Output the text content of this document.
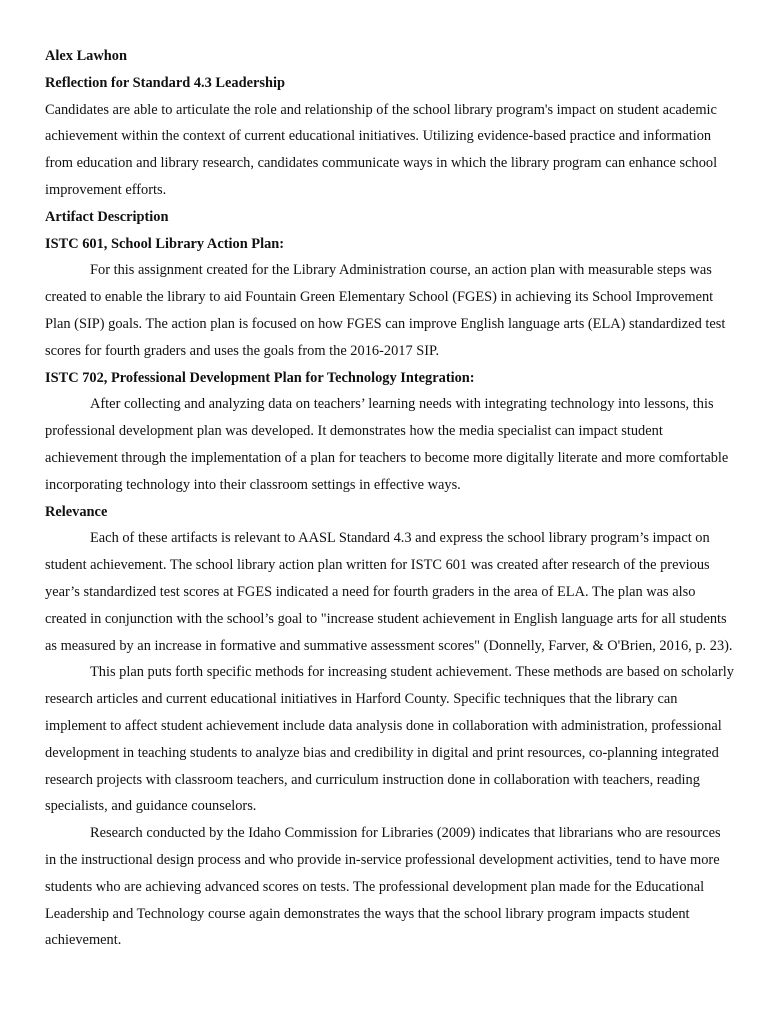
Alex Lawhon

Reflection for Standard 4.3 Leadership

Candidates are able to articulate the role and relationship of the school library program's impact on student academic achievement within the context of current educational initiatives. Utilizing evidence-based practice and information from education and library research, candidates communicate ways in which the library program can enhance school improvement efforts.

Artifact Description

ISTC 601, School Library Action Plan:

For this assignment created for the Library Administration course, an action plan with measurable steps was created to enable the library to aid Fountain Green Elementary School (FGES) in achieving its School Improvement Plan (SIP) goals. The action plan is focused on how FGES can improve English language arts (ELA) standardized test scores for fourth graders and uses the goals from the 2016-2017 SIP.

ISTC 702, Professional Development Plan for Technology Integration:

After collecting and analyzing data on teachers’ learning needs with integrating technology into lessons, this professional development plan was developed. It demonstrates how the media specialist can impact student achievement through the implementation of a plan for teachers to become more digitally literate and more comfortable incorporating technology into their classroom settings in effective ways.

Relevance

Each of these artifacts is relevant to AASL Standard 4.3 and express the school library program’s impact on student achievement. The school library action plan written for ISTC 601 was created after research of the previous year’s standardized test scores at FGES indicated a need for fourth graders in the area of ELA. The plan was also created in conjunction with the school’s goal to "increase student achievement in English language arts for all students as measured by an increase in formative and summative assessment scores" (Donnelly, Farver, & O'Brien, 2016, p. 23).

This plan puts forth specific methods for increasing student achievement. These methods are based on scholarly research articles and current educational initiatives in Harford County. Specific techniques that the library can implement to affect student achievement include data analysis done in collaboration with administration, professional development in teaching students to analyze bias and credibility in digital and print resources, co-planning integrated research projects with classroom teachers, and curriculum instruction done in collaboration with teachers, reading specialists, and guidance counselors.

Research conducted by the Idaho Commission for Libraries (2009) indicates that librarians who are resources in the instructional design process and who provide in-service professional development activities, tend to have more students who are achieving advanced scores on tests. The professional development plan made for the Educational Leadership and Technology course again demonstrates the ways that the school library program impacts student achievement.
